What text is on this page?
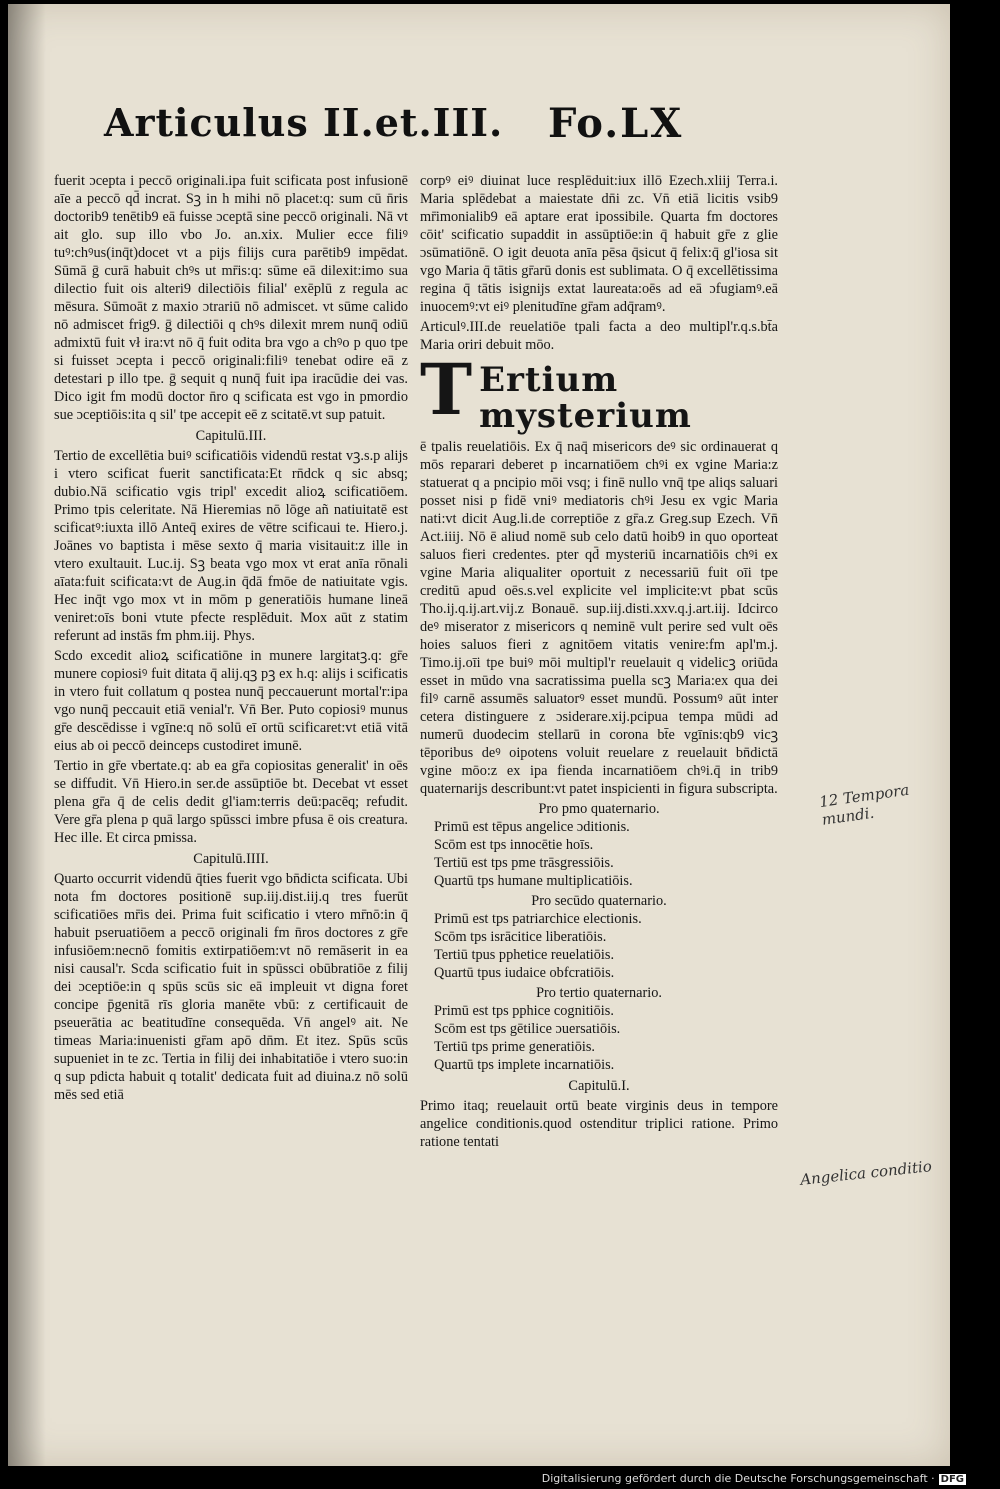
Articulus II.et.III. Fo.LX

fuerit ɔcepta i peccō originali.ipa fuit scificata post infusionē aīe a peccō qd̄ incrat. Sꝫ in h mihi nō placet:q: sum cū n̄ris doctorib9 tenētib9 eā fuisse ɔceptā sine peccō originali. Nā vt ait glo. sup illo vbo Jo. an.xix. Mulier ecce filiꝰ tuꝰ:chꝰus(inq̄t)docet vt a pijs filijs cura parētib9 impēdat. Sūmā ḡ curā habuit chꝰs ut mr̄is:q: sūme eā dilexit:imo sua dilectio fuit ois alteri9 dilectiōis filial' exēplū z regula ac mēsura. Sūmoāt z maxio ɔtrariū nō admiscet. vt sūme calido nō admiscet frig9. ḡ dilectiōi q chꝰs dilexit mrem nunq̄ odiū admixtū fuit vł ira:vt nō q̄ fuit odita bra vgo a chꝰo p quo tpe si fuisset ɔcepta i peccō originali:filiꝰ tenebat odire eā z detestari p illo tpe. ḡ sequit q nunq̄ fuit ipa iracūdie dei vas. Dico igit fm modū doctor n̄ro q scificata est vgo in pmordio sue ɔceptiōis:ita q sil' tpe accepit eē z scitatē.vt sup patuit.

Capitulū.III.

Tertio de excellētia buiꝰ scificatiōis videndū restat vꝫ.s.p alijs i vtero scificat fuerit sanctificata:Et rn̄dck q sic absq; dubio.Nā scificatio vgis tripl' excedit alioꝝ scificatiōem. Primo tpis celeritate. Nā Hieremias nō lōge añ natiuitatē est scificatꝰ:iuxta illō Anteq̄ exires de vētre scificaui te. Hiero.j. Joānes vo baptista i mēse sexto q̄ maria visitauit:z ille in vtero exultauit. Luc.ij. Sꝫ beata vgo mox vt erat anīa rōnali aīata:fuit scificata:vt de Aug.in q̄dā fmōe de natiuitate vgis. Hec inq̄t vgo mox vt in mōm p generatiōis humane lineā veniret:oīs boni vtute pfecte resplēduit. Mox aūt z statim referunt ad instās fm phm.iij. Phys.

Scdo excedit alioꝝ scificatiōne in munere largitatꝫ.q: gr̄e munere copiosiꝰ fuit ditata q̄ alij.qꝫ pꝫ ex h.q: alijs i scificatis in vtero fuit collatum q postea nunq̄ peccauerunt mortal'r:ipa vgo nunq̄ peccauit etiā venial'r. Vn̄ Ber. Puto copiosiꝰ munus gr̄e descēdisse i vgīne:q nō solū eī ortū scificaret:vt etiā vitā eius ab oi peccō deinceps custodiret imunē.

Tertio in gr̄e vbertate.q: ab ea gr̄a copiositas generalit' in oēs se diffudit. Vn̄ Hiero.in ser.de assūptiōe bt. Decebat vt esset plena gr̄a q̄ de celis dedit gl'iam:terris deū:pacēq; refudit. Vere gr̄a plena p quā largo spūssci imbre pfusa ē ois creatura. Hec ille. Et circa pmissa.

Capitulū.IIII.

Quarto occurrit videndū q̄ties fuerit vgo bn̄dicta scificata. Ubi nota fm doctores positionē sup.iij.dist.iij.q tres fuerūt scificatiōes mr̄is dei. Prima fuit scificatio i vtero mr̄nō:in q̄ habuit pseruatiōem a peccō originali fm n̄ros doctores z gr̄e infusiōem:necnō fomitis extirpatiōem:vt nō remāserit in ea nisi causal'r. Scda scificatio fuit in spūssci obūbratiōe z filij dei ɔceptiōe:in q spūs scūs sic eā impleuit vt digna foret concipe p̄genitā rīs gloria manēte vbū: z certificauit de pseuerātia ac beatitudīne consequēda. Vn̄ angelꝰ ait. Ne timeas Maria:inuenisti gr̄am apō dn̄m. Et itez. Spūs scūs supueniet in te zc. Tertia in filij dei inhabitatiōe i vtero suo:in q sup pdicta habuit q totalit' dedicata fuit ad diuina.z nō solū mēs sed etiā

corpꝰ eiꝰ diuinat luce resplēduit:iux illō Ezech.xliij Terra.i. Maria splēdebat a maiestate dn̄i zc. Vn̄ etiā licitis vsib9 mr̄imonialib9 eā aptare erat ipossibile. Quarta fm doctores cōit' scificatio supaddit in assūptiōe:in q̄ habuit gr̄e z glie ɔsūmatiōnē. O igit deuota anīa pēsa q̄sicut q̄ felix:q̄ gl'iosa sit vgo Maria q̄ tātis gr̄arū donis est sublimata. O q̄ excellētissima regina q̄ tātis isignijs extat laureata:oēs ad eā ɔfugiamꝰ.eā inuocemꝰ:vt eiꝰ plenitudīne gr̄am adq̄ramꝰ.

Articulꝰ.III.de reuelatiōe tpali facta a deo multipl'r.q.s.bt̄a Maria oriri debuit mōo.

T Ertium mysterium

ē tpalis reuelatiōis. Ex q̄ naq̄ misericors deꝰ sic ordinauerat q mōs reparari deberet p incarnatiōem chꝰi ex vgine Maria:z statuerat q a pncipio mōi vsq; i finē nullo vnq̄ tpe aliqs saluari posset nisi p fidē vniꝰ mediatoris chꝰi Jesu ex vgic Maria nati:vt dicit Aug.li.de correptiōe z gr̄a.z Greg.sup Ezech. Vn̄ Act.iiij. Nō ē aliud nomē sub celo datū hoib9 in quo oporteat saluos fieri credentes. pter qd̄ mysteriū incarnatiōis chꝰi ex vgine Maria aliqualiter oportuit z necessariū fuit oīi tpe creditū apud oēs.s.vel explicite vel implicite:vt pbat scūs Tho.ij.q.ij.art.vij.z Bonauē. sup.iij.disti.xxv.q.j.art.iij. Idcirco deꝰ miserator z misericors q neminē vult perire sed vult oēs hoies saluos fieri z agnitōem vitatis venire:fm apl'm.j. Timo.ij.oīi tpe buiꝰ mōi multipl'r reuelauit q videlicꝫ oriūda esset in mūdo vna sacratissima puella scꝫ Maria:ex qua dei filꝰ carnē assumēs saluatorꝰ esset mundū. Possumꝰ aūt inter cetera distinguere z ɔsiderare.xij.pcipua tempa mūdi ad numerū duodecim stellarū in corona bt̄e vgīnis:qb9 vicꝫ tēporibus deꝰ oipotens voluit reuelare z reuelauit bn̄dictā vgine mōo:z ex ipa fienda incarnatiōem chꝰi.q̄ in trib9 quaternarijs describunt:vt patet inspicienti in figura subscripta.

Pro pmo quaternario.
Primū est tēpus angelice ɔditionis.
Scōm est tps innocētie hoīs.
Tertiū est tps pme trāsgressiōis.
Quartū tps humane multiplicatiōis.
Pro secūdo quaternario.
Primū est tps patriarchice electionis.
Scōm tps isrācitice liberatiōis.
Tertiū tpus pphetice reuelatiōis.
Quartū tpus iudaice obfcratiōis.
Pro tertio quaternario.
Primū est tps pphice cognitiōis.
Scōm est tps gētilice ɔuersatiōis.
Tertiū tps prime generatiōis.
Quartū tps implete incarnatiōis.
Capitulū.I.

Primo itaq; reuelauit ortū beate virginis deus in tempore angelice conditionis.quod ostenditur triplici ratione. Primo ratione tentati

12 Tempora mundi.
Angelica conditio
Digitalisierung gefördert durch die Deutsche Forschungsgemeinschaft · DFG
